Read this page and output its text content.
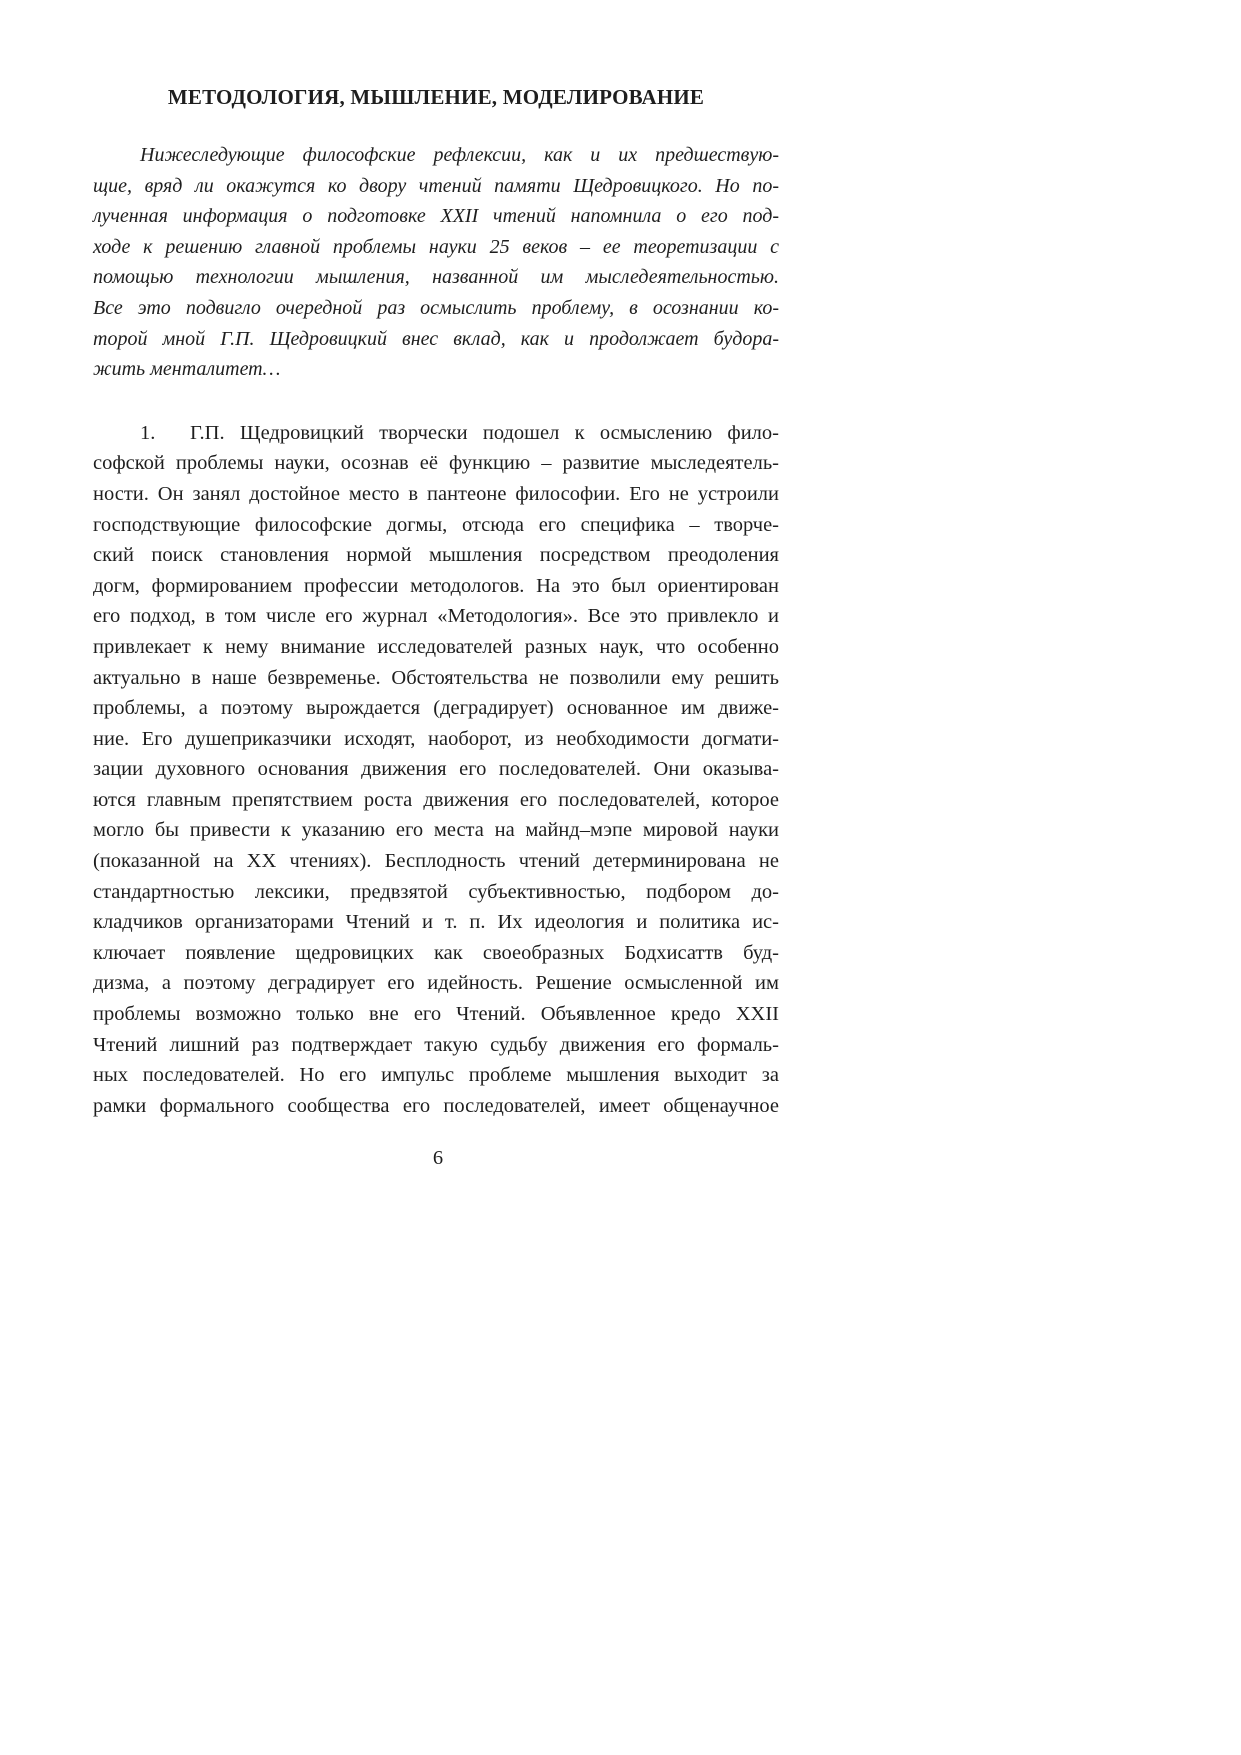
МЕТОДОЛОГИЯ, МЫШЛЕНИЕ, МОДЕЛИРОВАНИЕ
Нижеследующие философские рефлексии, как и их предшествую-
щие, вряд ли окажутся ко двору чтений памяти Щедровицкого. Но по-
лученная информация о подготовке XXII чтений напомнила о его под-
ходе к решению главной проблемы науки 25 веков – ее теоретизации с
помощью технологии мышления, названной им мыследеятельностью.
Все это подвигло очередной раз осмыслить проблему, в осознании ко-
торой мной Г.П. Щедровицкий внес вклад, как и продолжает будора-
жить менталитет…
1. Г.П. Щедровицкий творчески подошел к осмыслению фило-
софской проблемы науки, осознав её функцию – развитие мыследеятель-
ности. Он занял достойное место в пантеоне философии. Его не устроили
господствующие философские догмы, отсюда его специфика – творче-
ский поиск становления нормой мышления посредством преодоления
догм, формированием профессии методологов. На это был ориентирован
его подход, в том числе его журнал «Методология». Все это привлекло и
привлекает к нему внимание исследователей разных наук, что особенно
актуально в наше безвременье. Обстоятельства не позволили ему решить
проблемы, а поэтому вырождается (деградирует) основанное им движе-
ние. Его душеприказчики исходят, наоборот, из необходимости догмати-
зации духовного основания движения его последователей. Они оказыва-
ются главным препятствием роста движения его последователей, которое
могло бы привести к указанию его места на майнд–мэпе мировой науки
(показанной на XX чтениях). Бесплодность чтений детерминирована не
стандартностью лексики, предвзятой субъективностью, подбором до-
кладчиков организаторами Чтений и т. п. Их идеология и политика ис-
ключает появление щедровицких как своеобразных Бодхисаттв буд-
дизма, а поэтому деградирует его идейность. Решение осмысленной им
проблемы возможно только вне его Чтений. Объявленное кредо XXII
Чтений лишний раз подтверждает такую судьбу движения его формаль-
ных последователей. Но его импульс проблеме мышления выходит за
рамки формального сообщества его последователей, имеет общенаучное
6
